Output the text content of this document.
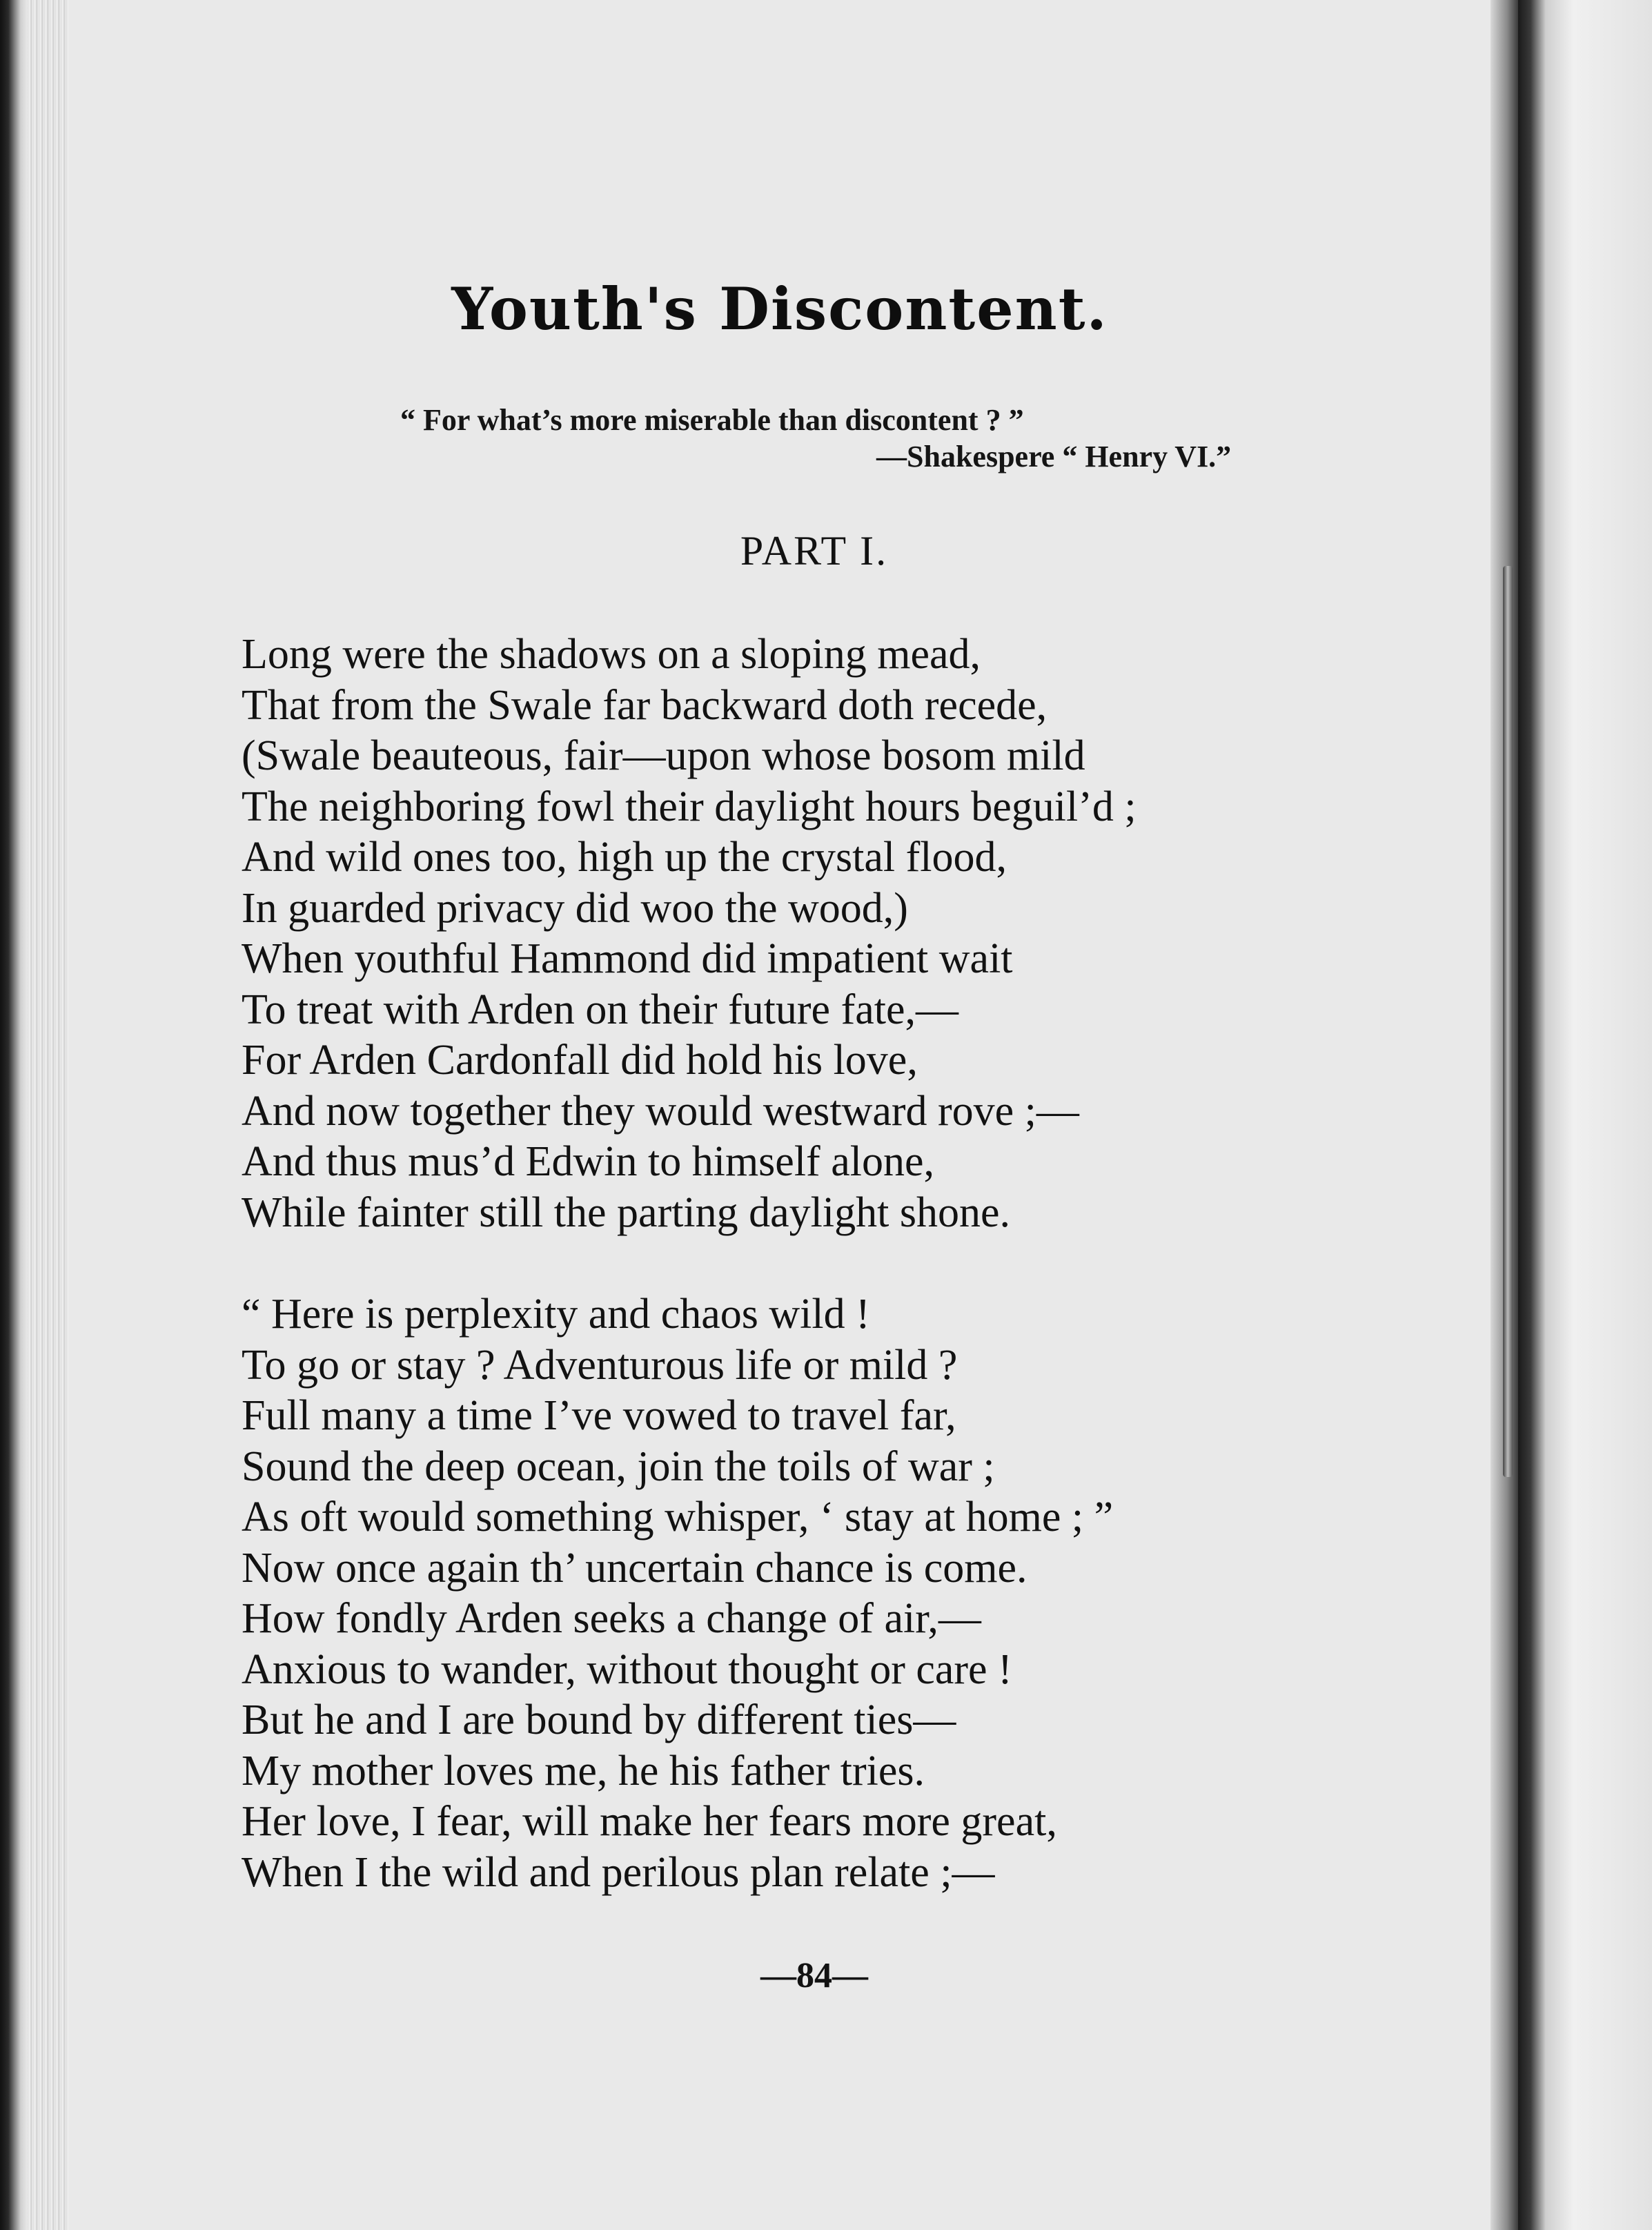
Youth's Discontent.
“ For what’s more miserable than discontent ? ”
—Shakespere “ Henry VI.”
PART I.
Long were the shadows on a sloping mead,
That from the Swale far backward doth recede,
(Swale beauteous, fair—upon whose bosom mild
The neighboring fowl their daylight hours beguil’d ;
And wild ones too, high up the crystal flood,
In guarded privacy did woo the wood,)
When youthful Hammond did impatient wait
To treat with Arden on their future fate,—
For Arden Cardonfall did hold his love,
And now together they would westward rove ;—
And thus mus’d Edwin to himself alone,
While fainter still the parting daylight shone.
“ Here is perplexity and chaos wild !
To go or stay ? Adventurous life or mild ?
Full many a time I’ve vowed to travel far,
Sound the deep ocean, join the toils of war ;
As oft would something whisper, ‘ stay at home ; ”
Now once again th’ uncertain chance is come.
How fondly Arden seeks a change of air,—
Anxious to wander, without thought or care !
But he and I are bound by different ties—
My mother loves me, he his father tries.
Her love, I fear, will make her fears more great,
When I the wild and perilous plan relate ;—
—84—
